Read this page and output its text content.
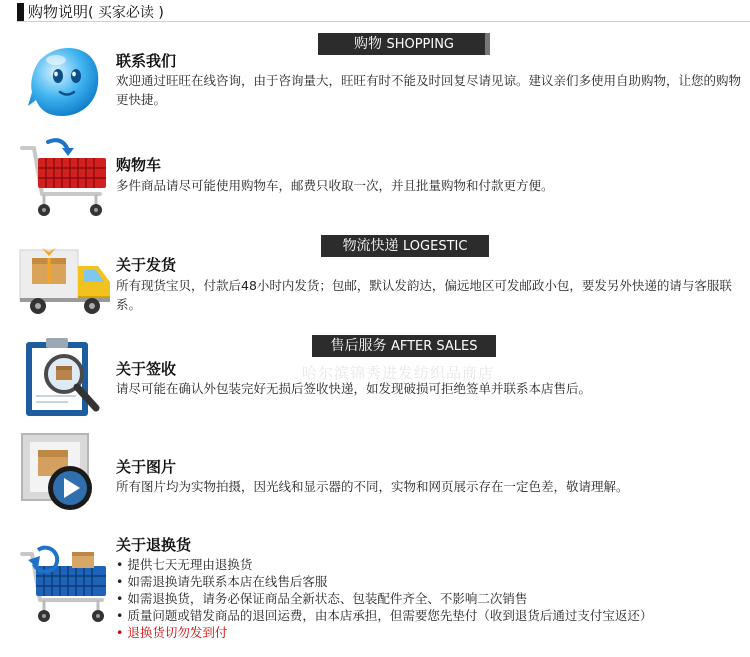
购物说明( 买家必读 )
购物 SHOPPING
物流快递 LOGESTIC
售后服务 AFTER SALES
哈尔滨锦秀进发纺织品商店
联系我们
欢迎通过旺旺在线咨询，由于咨询量大，旺旺有时不能及时回复尽请见谅。建议亲们多使用自助购物，让您的购物更快捷。
购物车
多件商品请尽可能使用购物车，邮费只收取一次，并且批量购物和付款更方便。
关于发货
所有现货宝贝，付款后48小时内发货；包邮，默认发韵达，偏远地区可发邮政小包，要发另外快递的请与客服联系。
关于签收
请尽可能在确认外包装完好无损后签收快递，如发现破损可拒绝签单并联系本店售后。
关于图片
所有图片均为实物拍摄，因光线和显示器的不同，实物和网页展示存在一定色差，敬请理解。
关于退换货
• 提供七天无理由退换货
• 如需退换请先联系本店在线售后客服
• 如需退换货，请务必保证商品全新状态、包装配件齐全、不影响二次销售
• 质量问题或错发商品的退回运费，由本店承担，但需要您先垫付（收到退货后通过支付宝返还）
• 退换货切勿发到付
